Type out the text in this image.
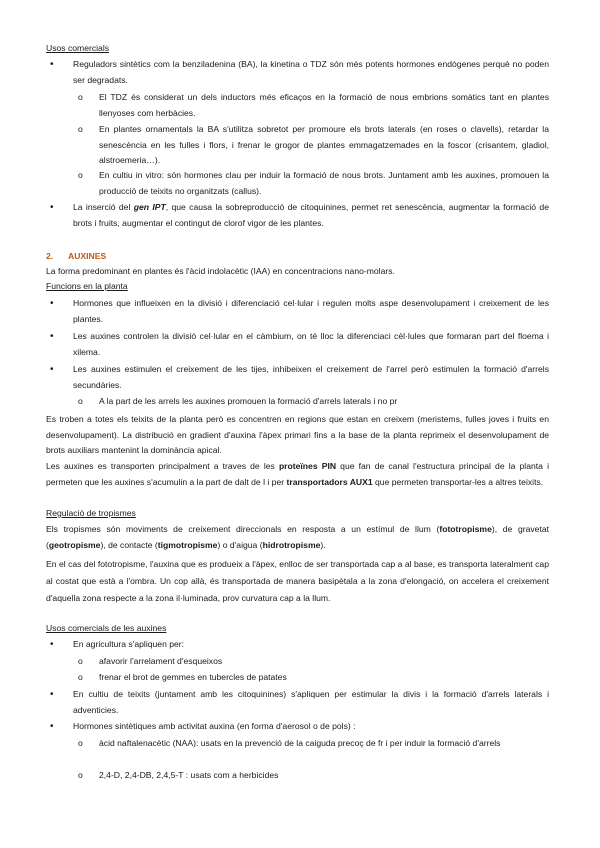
Usos comercials
• Reguladors sintètics com la benziladenina (BA), la kinetina o TDZ són més potents hormones endògenes perquè no poden ser degradats.
o El TDZ és considerat un dels inductors més eficaços en la formació de nous embrions somàtics tant en plantes llenyoses com herbàcies.
o En plantes ornamentals la BA s'utilitza sobretot per promoure els brots laterals (en roses o clavells), retardar la senescència en les fulles i flors, i frenar le grogor de plantes emmagatzemades en la foscor (crisantem, gladiol, alstroemeria…).
o En cultiu in vitro: són hormones clau per induir la formació de nous brots. Juntament amb les auxines, promouen la producció de teixits no organitzats (callus).
• La inserció del gen IPT, que causa la sobreproducció de citoquinines, permet ret senescència, augmentar la formació de brots i fruits, augmentar el contingut de clorof vigor de les plantes.
2. AUXINES
La forma predominant en plantes és l'àcid indolacètic (IAA) en concentracions nano-molars.
Funcions en la planta
• Hormones que influeixen en la divisió i diferenciació cel·lular i regulen molts aspe desenvolupament i creixement de les plantes.
• Les auxines controlen la divisió cel·lular en el càmbium, on té lloc la diferenciaci cèl·lules que formaran part del floema i xilema.
• Les auxines estimulen el creixement de les tijes, inhibeixen el creixement de l'arrel però estimulen la formació d'arrels secundàries.
o A la part de les arrels les auxines promouen la formació d'arrels laterals i no pr
Es troben a totes els teixits de la planta però es concentren en regions que estan en creixem (meristems, fulles joves i fruits en desenvolupament). La distribució en gradient d'auxina l'àpex primari fins a la base de la planta reprimeix el desenvolupament de brots auxiliars mantenint la dominància apical.
Les auxines es transporten principalment a traves de les proteïnes PIN que fan de canal l'estructura principal de la planta i permeten que les auxines s'acumulin a la part de dalt de l i per transportadors AUX1 que permeten transportar-les a altres teixits.
Regulació de tropismes
Els tropismes són moviments de creixement direccionals en resposta a un estímul de llum (fototropisme), de gravetat (geotropisme), de contacte (tigmotropisme) o d'aigua (hidrotropisme).
En el cas del fototropisme, l'auxina que es produeix a l'àpex, enlloc de ser transportada cap a al base, es transporta lateralment cap al costat que està a l'ombra. Un cop allà, és transportada de manera basipètala a la zona d'elongació, on accelera el creixement d'aquella zona respecte a la zona il·luminada, prov curvatura cap a la llum.
Usos comercials de les auxines
• En agricultura s'apliquen per:
o afavorir l'arrelament d'esqueixos
o frenar el brot de gemmes en tubercles de patates
• En cultiu de teixits (juntament amb les citoquinines) s'apliquen per estimular la divis i la formació d'arrels laterals i adventicies.
• Hormones sintètiques amb activitat auxina (en forma d'aerosol o de pols) :
o àcid naftalenacètic (NAA): usats en la prevenció de la caiguda precoç de fr i per induir la formació d'arrels
o 2,4-D, 2,4-DB, 2,4,5-T : usats com a herbicides
